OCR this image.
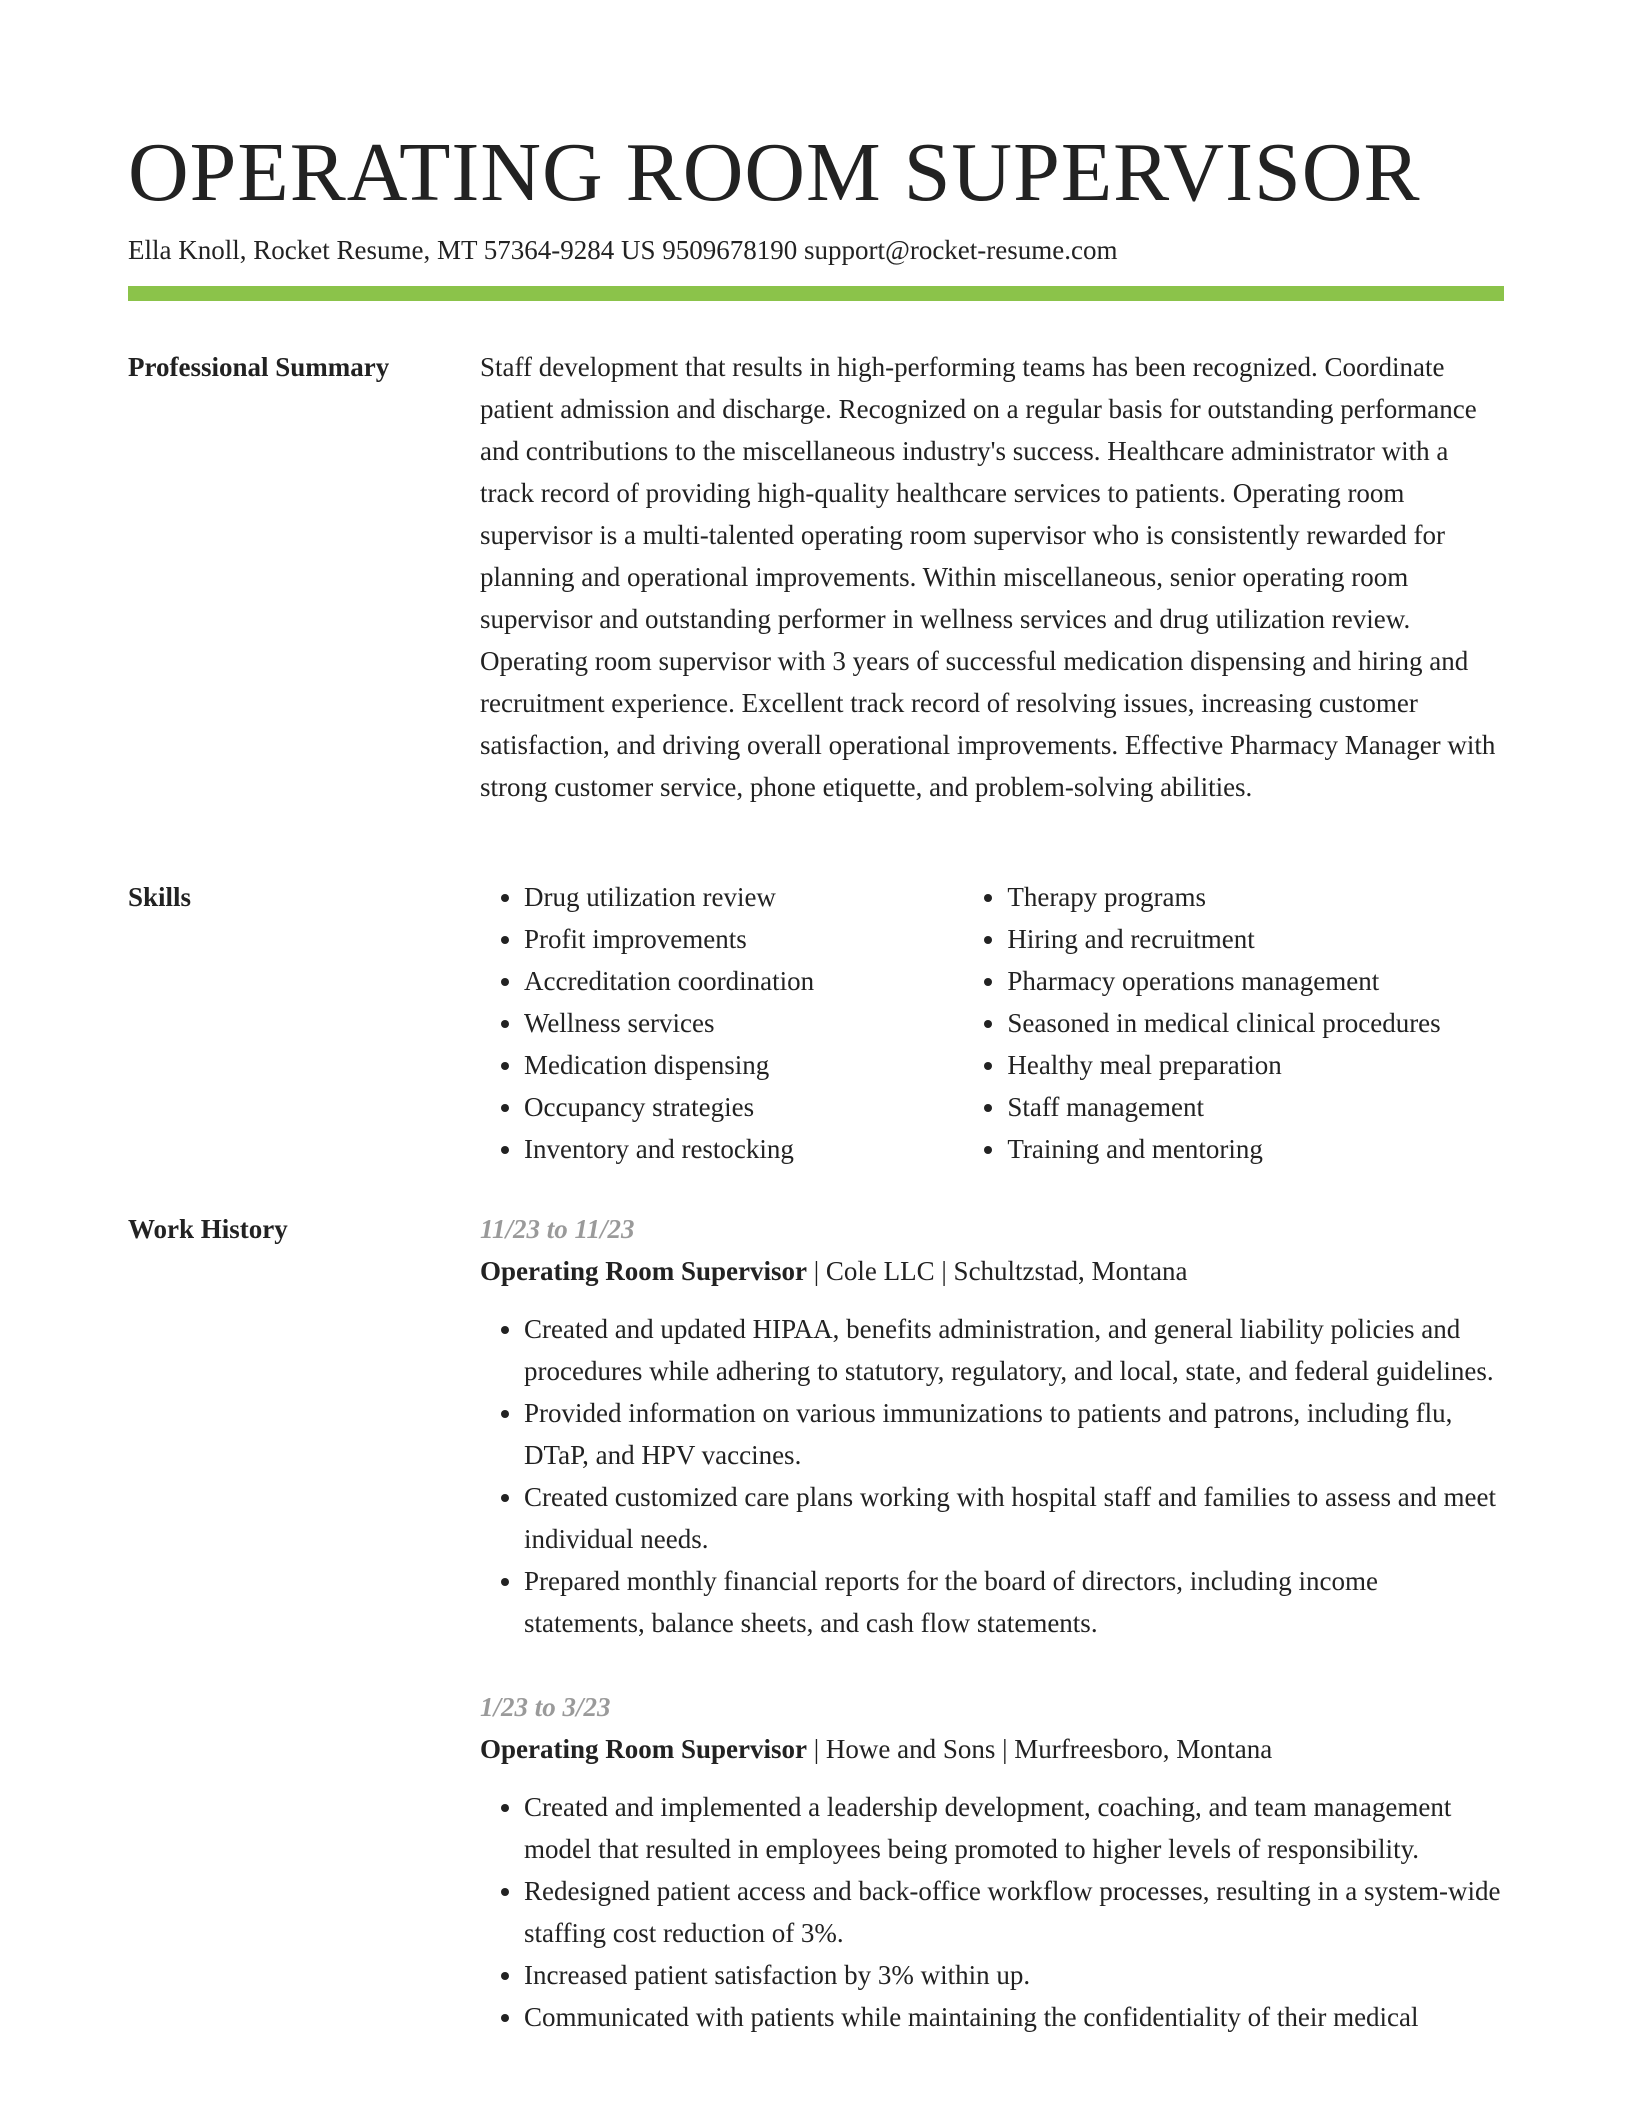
OPERATING ROOM SUPERVISOR
Ella Knoll, Rocket Resume, MT 57364-9284 US 9509678190 support@rocket-resume.com
Professional Summary	Staff development that results in high-performing teams has been recognized. Coordinate patient admission and discharge. Recognized on a regular basis for outstanding performance and contributions to the miscellaneous industry's success. Healthcare administrator with a track record of providing high-quality healthcare services to patients. Operating room supervisor is a multi-talented operating room supervisor who is consistently rewarded for planning and operational improvements. Within miscellaneous, senior operating room supervisor and outstanding performer in wellness services and drug utilization review. Operating room supervisor with 3 years of successful medication dispensing and hiring and recruitment experience. Excellent track record of resolving issues, increasing customer satisfaction, and driving overall operational improvements. Effective Pharmacy Manager with strong customer service, phone etiquette, and problem-solving abilities.

Skills
•	Drug utilization review
• Profit improvements
• Accreditation coordination
• Wellness services
• Medication dispensing
• Occupancy strategies
• Inventory and restocking
• Therapy programs
• Hiring and recruitment
• Pharmacy operations management
• Seasoned in medical clinical procedures
• Healthy meal preparation
• Staff management
• Training and mentoring
Work History	11/23 to 11/23
Operating Room Supervisor | Cole LLC | Schultzstad, Montana
• Created and updated HIPAA, benefits administration, and general liability policies and procedures while adhering to statutory, regulatory, and local, state, and federal guidelines.
• Provided information on various immunizations to patients and patrons, including flu, DTaP, and HPV vaccines.
• Created customized care plans working with hospital staff and families to assess and meet individual needs.
• Prepared monthly financial reports for the board of directors, including income statements, balance sheets, and cash flow statements.
1/23 to 3/23
Operating Room Supervisor | Howe and Sons | Murfreesboro, Montana
• Created and implemented a leadership development, coaching, and team management model that resulted in employees being promoted to higher levels of responsibility.
• Redesigned patient access and back-office workflow processes, resulting in a system-wide staffing cost reduction of 3%.
• Increased patient satisfaction by 3% within up.
• Communicated with patients while maintaining the confidentiality of their medical
